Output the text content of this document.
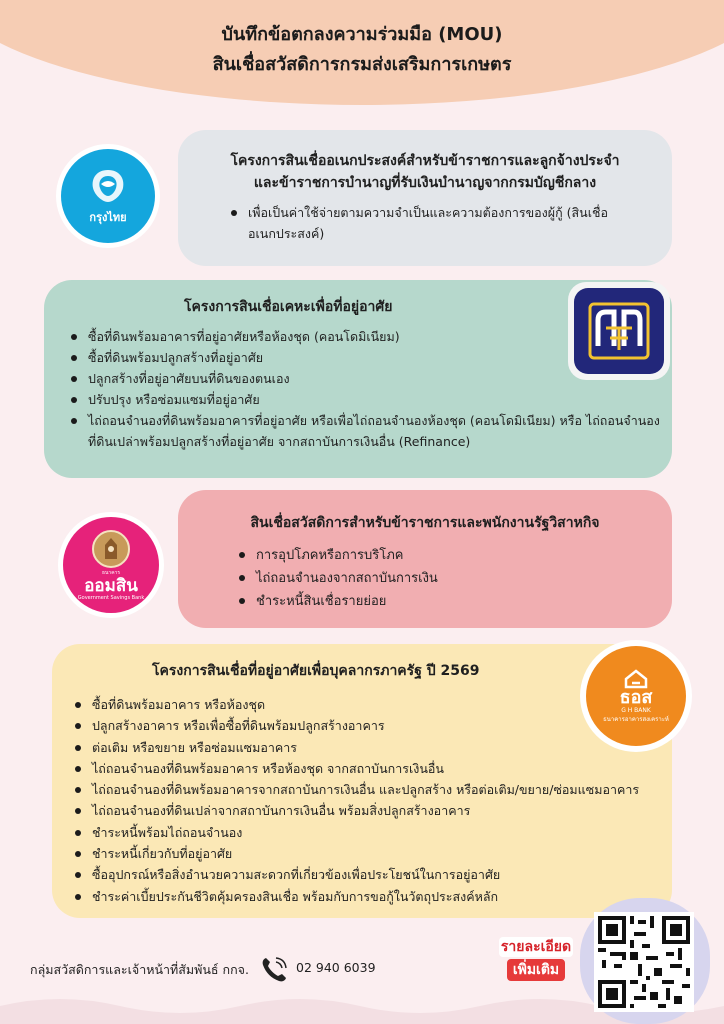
บันทึกข้อตกลงความร่วมมือ (MOU)
สินเชื่อสวัสดิการกรมส่งเสริมการเกษตร
กรุงไทย
โครงการสินเชื่ออเนกประสงค์สำหรับข้าราชการและลูกจ้างประจำ
และข้าราชการบำนาญที่รับเงินบำนาญจากกรมบัญชีกลาง
เพื่อเป็นค่าใช้จ่ายตามความจำเป็นและความต้องการของผู้กู้ (สินเชื่ออเนกประสงค์)
โครงการสินเชื่อเคหะเพื่อที่อยู่อาศัย
ซื้อที่ดินพร้อมอาคารที่อยู่อาศัยหรือห้องชุด (คอนโดมิเนียม)
ซื้อที่ดินพร้อมปลูกสร้างที่อยู่อาศัย
ปลูกสร้างที่อยู่อาศัยบนที่ดินของตนเอง
ปรับปรุง หรือซ่อมแซมที่อยู่อาศัย
ไถ่ถอนจำนองที่ดินพร้อมอาคารที่อยู่อาศัย หรือเพื่อไถ่ถอนจำนองห้องชุด (คอนโดมิเนียม) หรือ ไถ่ถอนจำนองที่ดินเปล่าพร้อมปลูกสร้างที่อยู่อาศัย จากสถาบันการเงินอื่น (Refinance)
ธนาคาร
ออมสิน
Government Savings Bank
สินเชื่อสวัสดิการสำหรับข้าราชการและพนักงานรัฐวิสาหกิจ
การอุปโภคหรือการบริโภค
ไถ่ถอนจำนองจากสถาบันการเงิน
ชำระหนี้สินเชื่อรายย่อย
โครงการสินเชื่อที่อยู่อาศัยเพื่อบุคลากรภาครัฐ ปี 2569
ซื้อที่ดินพร้อมอาคาร หรือห้องชุด
ปลูกสร้างอาคาร หรือเพื่อซื้อที่ดินพร้อมปลูกสร้างอาคาร
ต่อเติม หรือขยาย หรือซ่อมแซมอาคาร
ไถ่ถอนจำนองที่ดินพร้อมอาคาร หรือห้องชุด จากสถาบันการเงินอื่น
ไถ่ถอนจำนองที่ดินพร้อมอาคารจากสถาบันการเงินอื่น และปลูกสร้าง หรือต่อเติม/ขยาย/ซ่อมแซมอาคาร
ไถ่ถอนจำนองที่ดินเปล่าจากสถาบันการเงินอื่น พร้อมสิ่งปลูกสร้างอาคาร
ชำระหนี้พร้อมไถ่ถอนจำนอง
ชำระหนี้เกี่ยวกับที่อยู่อาศัย
ซื้ออุปกรณ์หรือสิ่งอำนวยความสะดวกที่เกี่ยวข้องเพื่อประโยชน์ในการอยู่อาศัย
ชำระค่าเบี้ยประกันชีวิตคุ้มครองสินเชื่อ พร้อมกับการขอกู้ในวัตถุประสงค์หลัก
ธอส
G H BANK
ธนาคารอาคารสงเคราะห์
กลุ่มสวัสดิการและเจ้าหน้าที่สัมพันธ์ กกจ.	02 940 6039
รายละเอียด
เพิ่มเติม
